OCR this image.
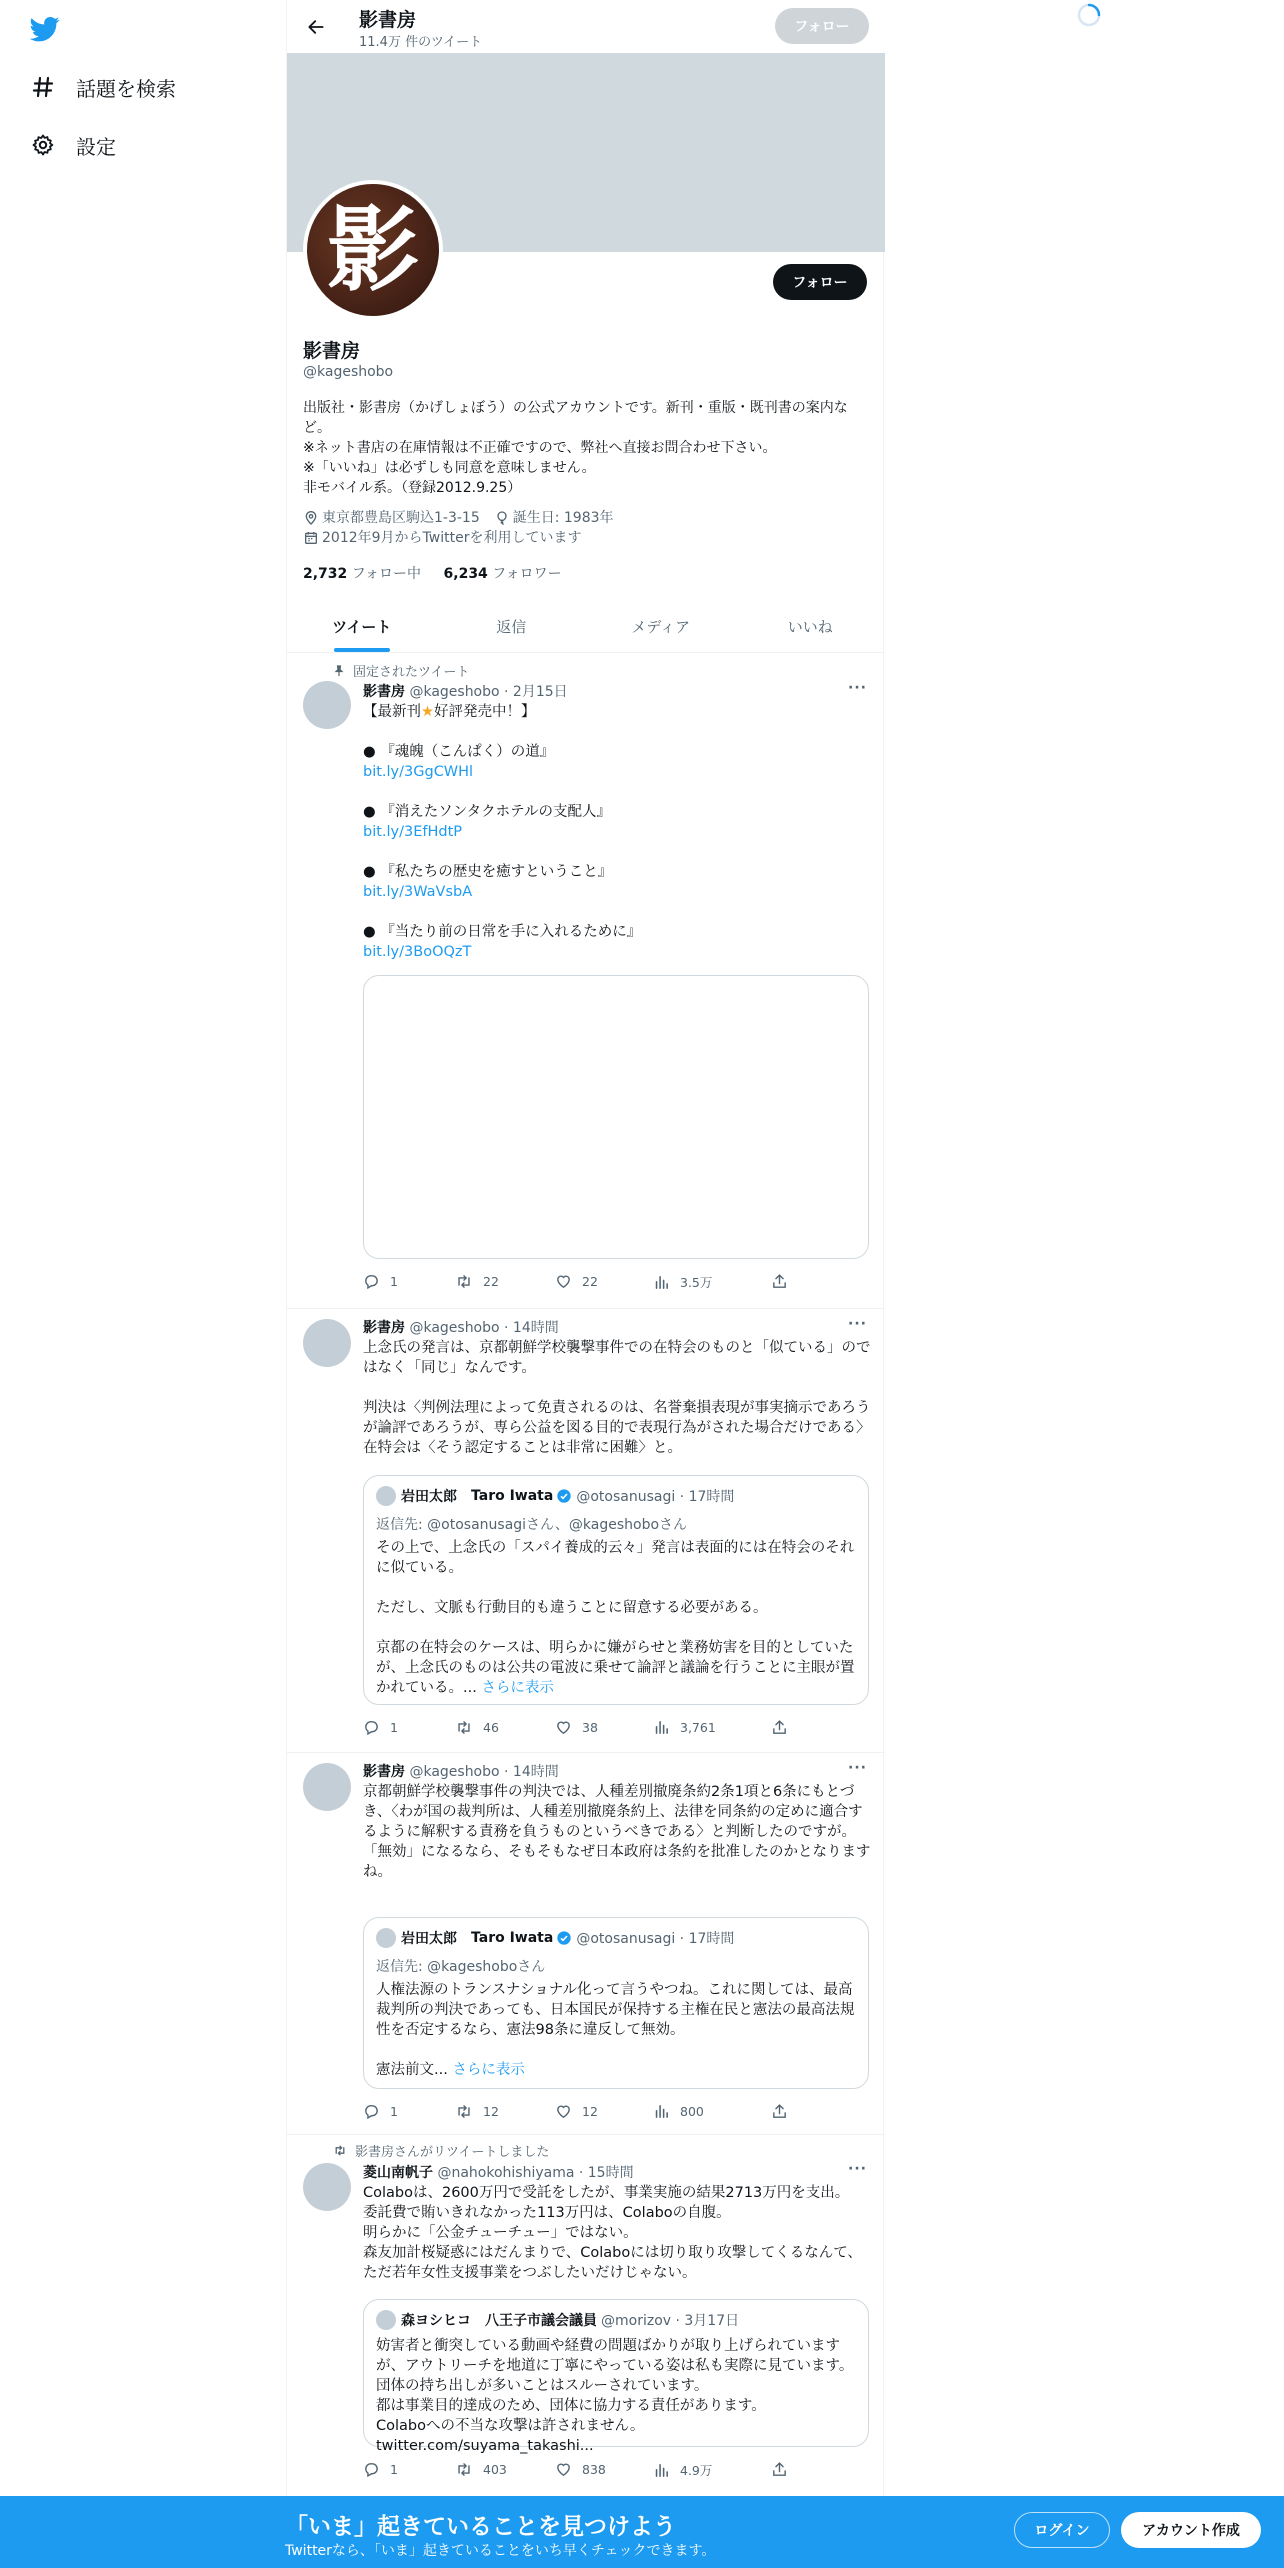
話題を検索
設定
影書房
11.4万 件のツイート
フォロー
影	フォロー
影書房
@kageshobo
出版社・影書房（かげしょぼう）の公式アカウントです。新刊・重版・既刊書の案内など。
※ネット書店の在庫情報は不正確ですので、弊社へ直接お問合わせ下さい。
※「いいね」は必ずしも同意を意味しません。
非モバイル系。（登録2012.9.25）
東京都豊島区駒込1-3-15 誕生日: 1983年
2012年9月からTwitterを利用しています
2,732 フォロー中 6,234 フォロワー
ツイート	返信	メディア	いいね
固定されたツイート
影書房 @kageshobo · 2月15日	···
【最新刊★好評発売中！】

● 『魂魄（こんぱく）の道』
bit.ly/3GgCWHl

● 『消えたソンタクホテルの支配人』
bit.ly/3EfHdtP

● 『私たちの歴史を癒すということ』
bit.ly/3WaVsbA

● 『当たり前の日常を手に入れるために』
bit.ly/3BoOQzT
1	22	22	3.5万
影書房 @kageshobo · 14時間	···
上念氏の発言は、京都朝鮮学校襲撃事件での在特会のものと「似ている」のではなく「同じ」なんです。

判決は〈判例法理によって免責されるのは、名誉棄損表現が事実摘示であろうが論評であろうが、専ら公益を図る目的で表現行為がされた場合だけである〉在特会は〈そう認定することは非常に困難〉と。
岩田太郎 Taro Iwata @otosanusagi · 17時間
返信先: @otosanusagiさん、@kageshoboさん
その上で、上念氏の「スパイ養成的云々」発言は表面的には在特会のそれに似ている。

ただし、文脈も行動目的も違うことに留意する必要がある。

京都の在特会のケースは、明らかに嫌がらせと業務妨害を目的としていたが、上念氏のものは公共の電波に乗せて論評と議論を行うことに主眼が置かれている。... さらに表示
1	46	38	3,761
影書房 @kageshobo · 14時間	···
京都朝鮮学校襲撃事件の判決では、人種差別撤廃条約2条1項と6条にもとづき、〈わが国の裁判所は、人種差別撤廃条約上、法律を同条約の定めに適合するように解釈する責務を負うものというべきである〉と判断したのですが。
「無効」になるなら、そもそもなぜ日本政府は条約を批准したのかとなりますね。
岩田太郎 Taro Iwata @otosanusagi · 17時間
返信先: @kageshoboさん
人権法源のトランスナショナル化って言うやつね。これに関しては、最高裁判所の判決であっても、日本国民が保持する主権在民と憲法の最高法規性を否定するなら、憲法98条に違反して無効。

憲法前文... さらに表示
1	12	12	800
影書房さんがリツイートしました
菱山南帆子 @nahokohishiyama · 15時間	···
Colaboは、2600万円で受託をしたが、事業実施の結果2713万円を支出。
委託費で賄いきれなかった113万円は、Colaboの自腹。
明らかに「公金チューチュー」ではない。
森友加計桜疑惑にはだんまりで、Colaboには切り取り攻撃してくるなんて、ただ若年女性支援事業をつぶしたいだけじゃない。
森ヨシヒコ　八王子市議会議員 @morizov · 3月17日
妨害者と衝突している動画や経費の問題ばかりが取り上げられていますが、アウトリーチを地道に丁寧にやっている姿は私も実際に見ています。団体の持ち出しが多いことはスルーされています。
都は事業目的達成のため、団体に協力する責任があります。
Colaboへの不当な攻撃は許されません。 twitter.com/suyama_takashi...
1	403	838	4.9万
「いま」起きていることを見つけよう
Twitterなら、「いま」起きていることをいち早くチェックできます。
ログイン	アカウント作成
